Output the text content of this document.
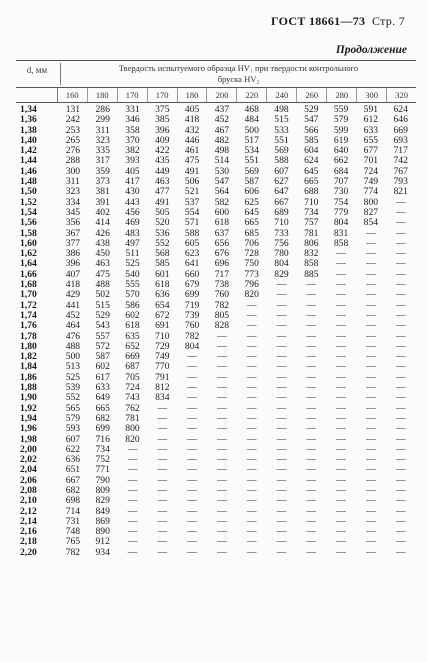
ГОСТ 18661—73 Стр. 7
Продолжение
d, мм	Твердость испытуемого образца HV₁ при твердости контрольного
бруска HV₂
160	180	170	170	180	200	220	240	260	280	300	320
1,34	131	286	331	375	405	437	468	498	529	559	591	624
1,36	242	299	346	385	418	452	484	515	547	579	612	646
1,38	253	311	358	396	432	467	500	533	566	599	633	669
1,40	265	323	370	409	446	482	517	551	585	619	655	693
1,42	276	335	382	422	461	498	534	569	604	640	677	717
1,44	288	317	393	435	475	514	551	588	624	662	701	742
1,46	300	359	405	449	491	530	569	607	645	684	724	767
1,48	311	373	417	463	506	547	587	627	665	707	749	793
1,50	323	381	430	477	521	564	606	647	688	730	774	821
1,52	334	391	443	491	537	582	625	667	710	754	800	—
1,54	345	402	456	505	554	600	645	689	734	779	827	—
1,56	356	414	469	520	571	618	665	710	757	804	854	—
1,58	367	426	483	536	588	637	685	733	781	831	—	—
1,60	377	438	497	552	605	656	706	756	806	858	—	—
1,62	386	450	511	568	623	676	728	780	832	—	—	—
1,64	396	463	525	585	641	696	750	804	858	—	—	—
1,66	407	475	540	601	660	717	773	829	885	—	—	—
1,68	418	488	555	618	679	738	796	—	—	—	—	—
1,70	429	502	570	636	699	760	820	—	—	—	—	—
1,72	441	515	586	654	719	782	—	—	—	—	—	—
1,74	452	529	602	672	739	805	—	—	—	—	—	—
1,76	464	543	618	691	760	828	—	—	—	—	—	—
1,78	476	557	635	710	782	—	—	—	—	—	—	—
1,80	488	572	652	729	804	—	—	—	—	—	—	—
1,82	500	587	669	749	—	—	—	—	—	—	—	—
1,84	513	602	687	770	—	—	—	—	—	—	—	—
1,86	525	617	705	791	—	—	—	—	—	—	—	—
1,88	539	633	724	812	—	—	—	—	—	—	—	—
1,90	552	649	743	834	—	—	—	—	—	—	—	—
1,92	565	665	762	—	—	—	—	—	—	—	—	—
1,94	579	682	781	—	—	—	—	—	—	—	—	—
1,96	593	699	800	—	—	—	—	—	—	—	—	—
1,98	607	716	820	—	—	—	—	—	—	—	—	—
2,00	622	734	—	—	—	—	—	—	—	—	—	—
2,02	636	752	—	—	—	—	—	—	—	—	—	—
2,04	651	771	—	—	—	—	—	—	—	—	—	—
2,06	667	790	—	—	—	—	—	—	—	—	—	—
2,08	682	809	—	—	—	—	—	—	—	—	—	—
2,10	698	829	—	—	—	—	—	—	—	—	—	—
2,12	714	849	—	—	—	—	—	—	—	—	—	—
2,14	731	869	—	—	—	—	—	—	—	—	—	—
2,16	748	890	—	—	—	—	—	—	—	—	—	—
2,18	765	912	—	—	—	—	—	—	—	—	—	—
2,20	782	934	—	—	—	—	—	—	—	—	—	—
